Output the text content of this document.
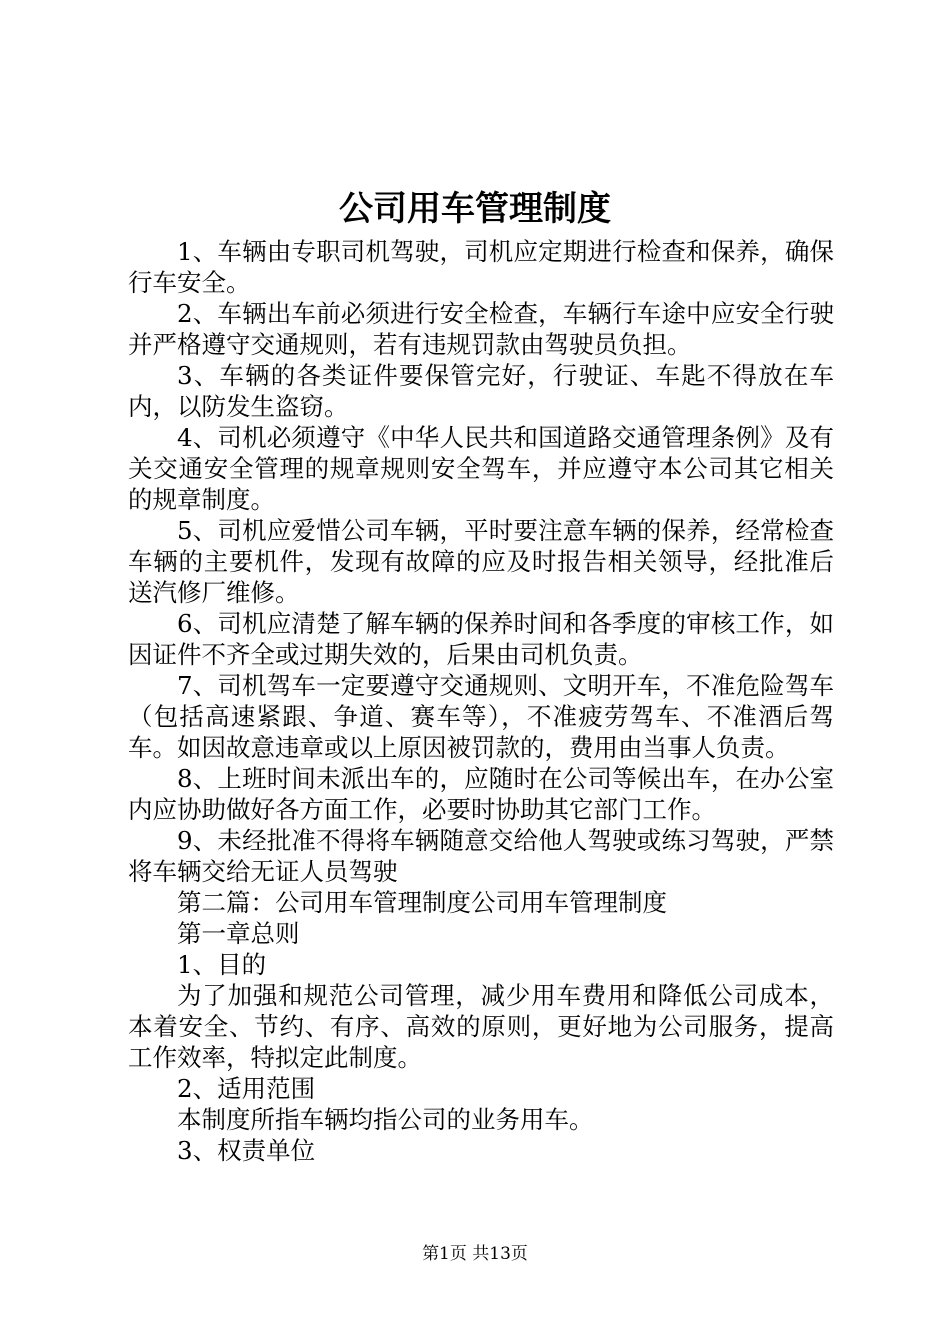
公司用车管理制度

1、车辆由专职司机驾驶，司机应定期进行检查和保养，确保行车安全。

2、车辆出车前必须进行安全检查，车辆行车途中应安全行驶并严格遵守交通规则，若有违规罚款由驾驶员负担。

3、车辆的各类证件要保管完好，行驶证、车匙不得放在车内，以防发生盗窃。

4、司机必须遵守《中华人民共和国道路交通管理条例》及有关交通安全管理的规章规则安全驾车，并应遵守本公司其它相关的规章制度。

5、司机应爱惜公司车辆，平时要注意车辆的保养，经常检查车辆的主要机件，发现有故障的应及时报告相关领导，经批准后送汽修厂维修。

6、司机应清楚了解车辆的保养时间和各季度的审核工作，如因证件不齐全或过期失效的，后果由司机负责。

7、司机驾车一定要遵守交通规则、文明开车，不准危险驾车（包括高速紧跟、争道、赛车等），不准疲劳驾车、不准酒后驾车。如因故意违章或以上原因被罚款的，费用由当事人负责。

8、上班时间未派出车的，应随时在公司等候出车，在办公室内应协助做好各方面工作，必要时协助其它部门工作。

9、未经批准不得将车辆随意交给他人驾驶或练习驾驶，严禁将车辆交给无证人员驾驶

第二篇：公司用车管理制度公司用车管理制度

第一章总则

1、目的

为了加强和规范公司管理，减少用车费用和降低公司成本，本着安全、节约、有序、高效的原则，更好地为公司服务，提高工作效率，特拟定此制度。

2、适用范围

本制度所指车辆均指公司的业务用车。

3、权责单位

第1页 共13页
